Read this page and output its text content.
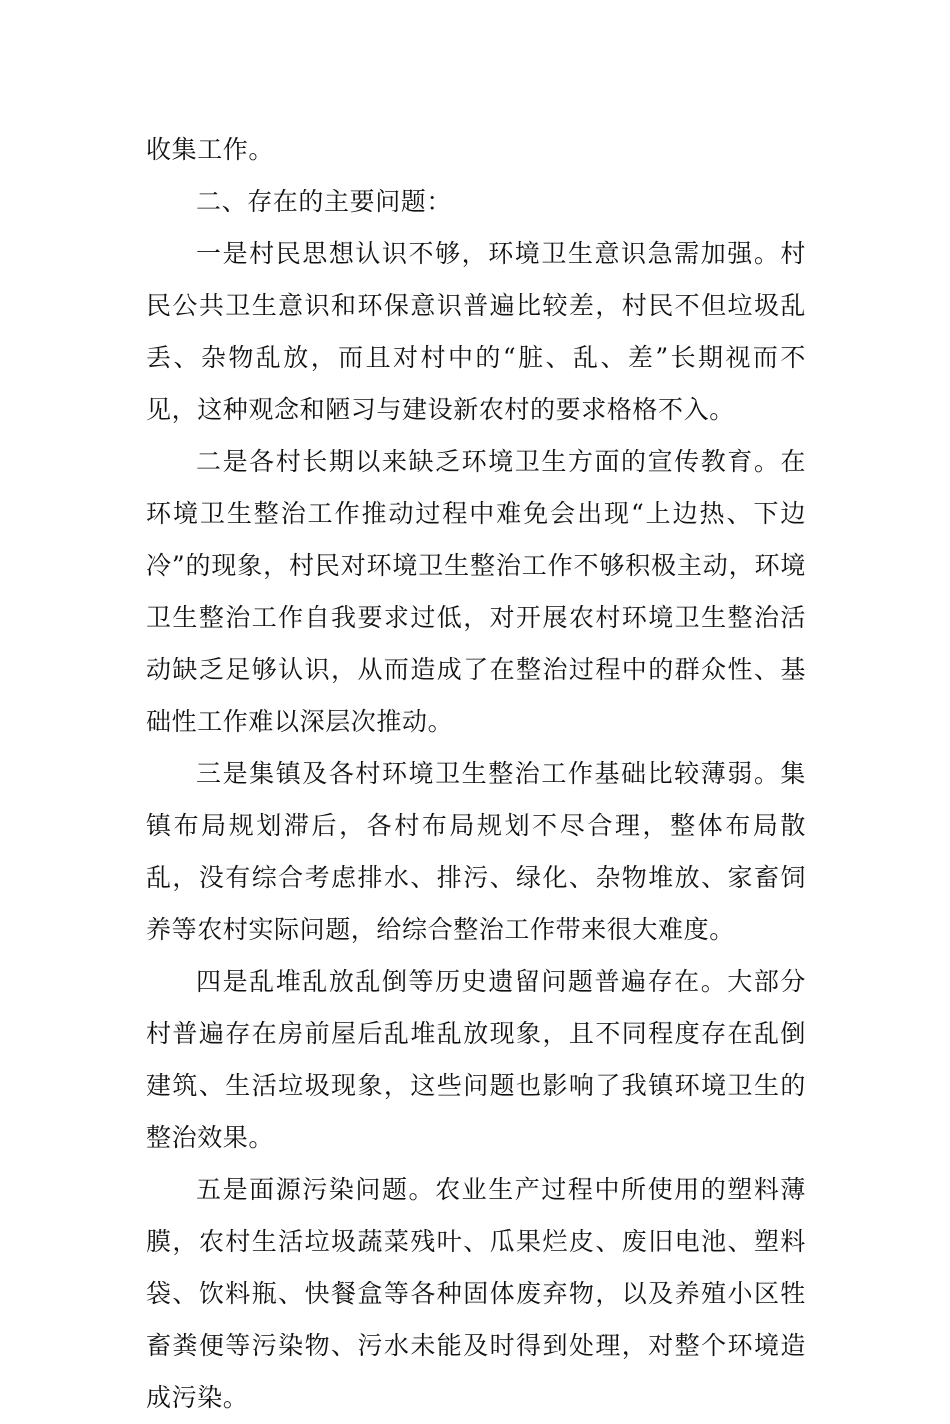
收集工作。

二、存在的主要问题：

一是村民思想认识不够，环境卫生意识急需加强。村民公共卫生意识和环保意识普遍比较差，村民不但垃圾乱丢、杂物乱放，而且对村中的“脏、乱、差”长期视而不见，这种观念和陋习与建设新农村的要求格格不入。

二是各村长期以来缺乏环境卫生方面的宣传教育。在环境卫生整治工作推动过程中难免会出现“上边热、下边冷”的现象，村民对环境卫生整治工作不够积极主动，环境卫生整治工作自我要求过低，对开展农村环境卫生整治活动缺乏足够认识，从而造成了在整治过程中的群众性、基础性工作难以深层次推动。

三是集镇及各村环境卫生整治工作基础比较薄弱。集镇布局规划滞后，各村布局规划不尽合理，整体布局散乱，没有综合考虑排水、排污、绿化、杂物堆放、家畜饲养等农村实际问题，给综合整治工作带来很大难度。

四是乱堆乱放乱倒等历史遗留问题普遍存在。大部分村普遍存在房前屋后乱堆乱放现象，且不同程度存在乱倒建筑、生活垃圾现象，这些问题也影响了我镇环境卫生的整治效果。

五是面源污染问题。农业生产过程中所使用的塑料薄膜，农村生活垃圾蔬菜残叶、瓜果烂皮、废旧电池、塑料袋、饮料瓶、快餐盒等各种固体废弃物，以及养殖小区牲畜粪便等污染物、污水未能及时得到处理，对整个环境造成污染。
